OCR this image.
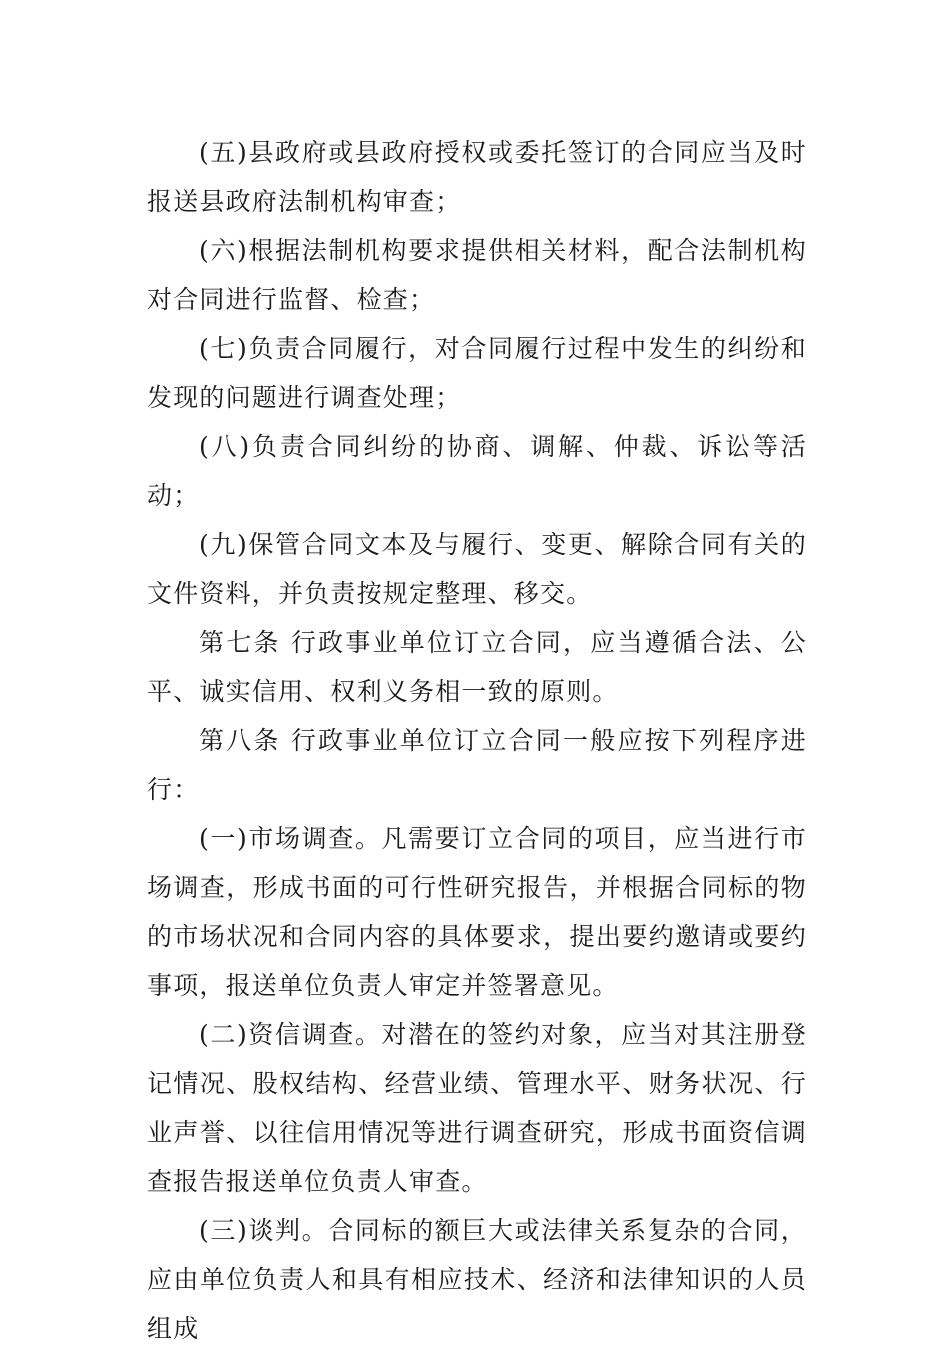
(五)县政府或县政府授权或委托签订的合同应当及时报送县政府法制机构审查；

(六)根据法制机构要求提供相关材料，配合法制机构对合同进行监督、检查；

(七)负责合同履行，对合同履行过程中发生的纠纷和发现的问题进行调查处理；

(八)负责合同纠纷的协商、调解、仲裁、诉讼等活动；

(九)保管合同文本及与履行、变更、解除合同有关的文件资料，并负责按规定整理、移交。

第七条 行政事业单位订立合同，应当遵循合法、公平、诚实信用、权利义务相一致的原则。

第八条 行政事业单位订立合同一般应按下列程序进行：

(一)市场调查。凡需要订立合同的项目，应当进行市场调查，形成书面的可行性研究报告，并根据合同标的物的市场状况和合同内容的具体要求，提出要约邀请或要约事项，报送单位负责人审定并签署意见。

(二)资信调查。对潜在的签约对象，应当对其注册登记情况、股权结构、经营业绩、管理水平、财务状况、行业声誉、以往信用情况等进行调查研究，形成书面资信调查报告报送单位负责人审查。

(三)谈判。合同标的额巨大或法律关系复杂的合同，应由单位负责人和具有相应技术、经济和法律知识的人员组成
